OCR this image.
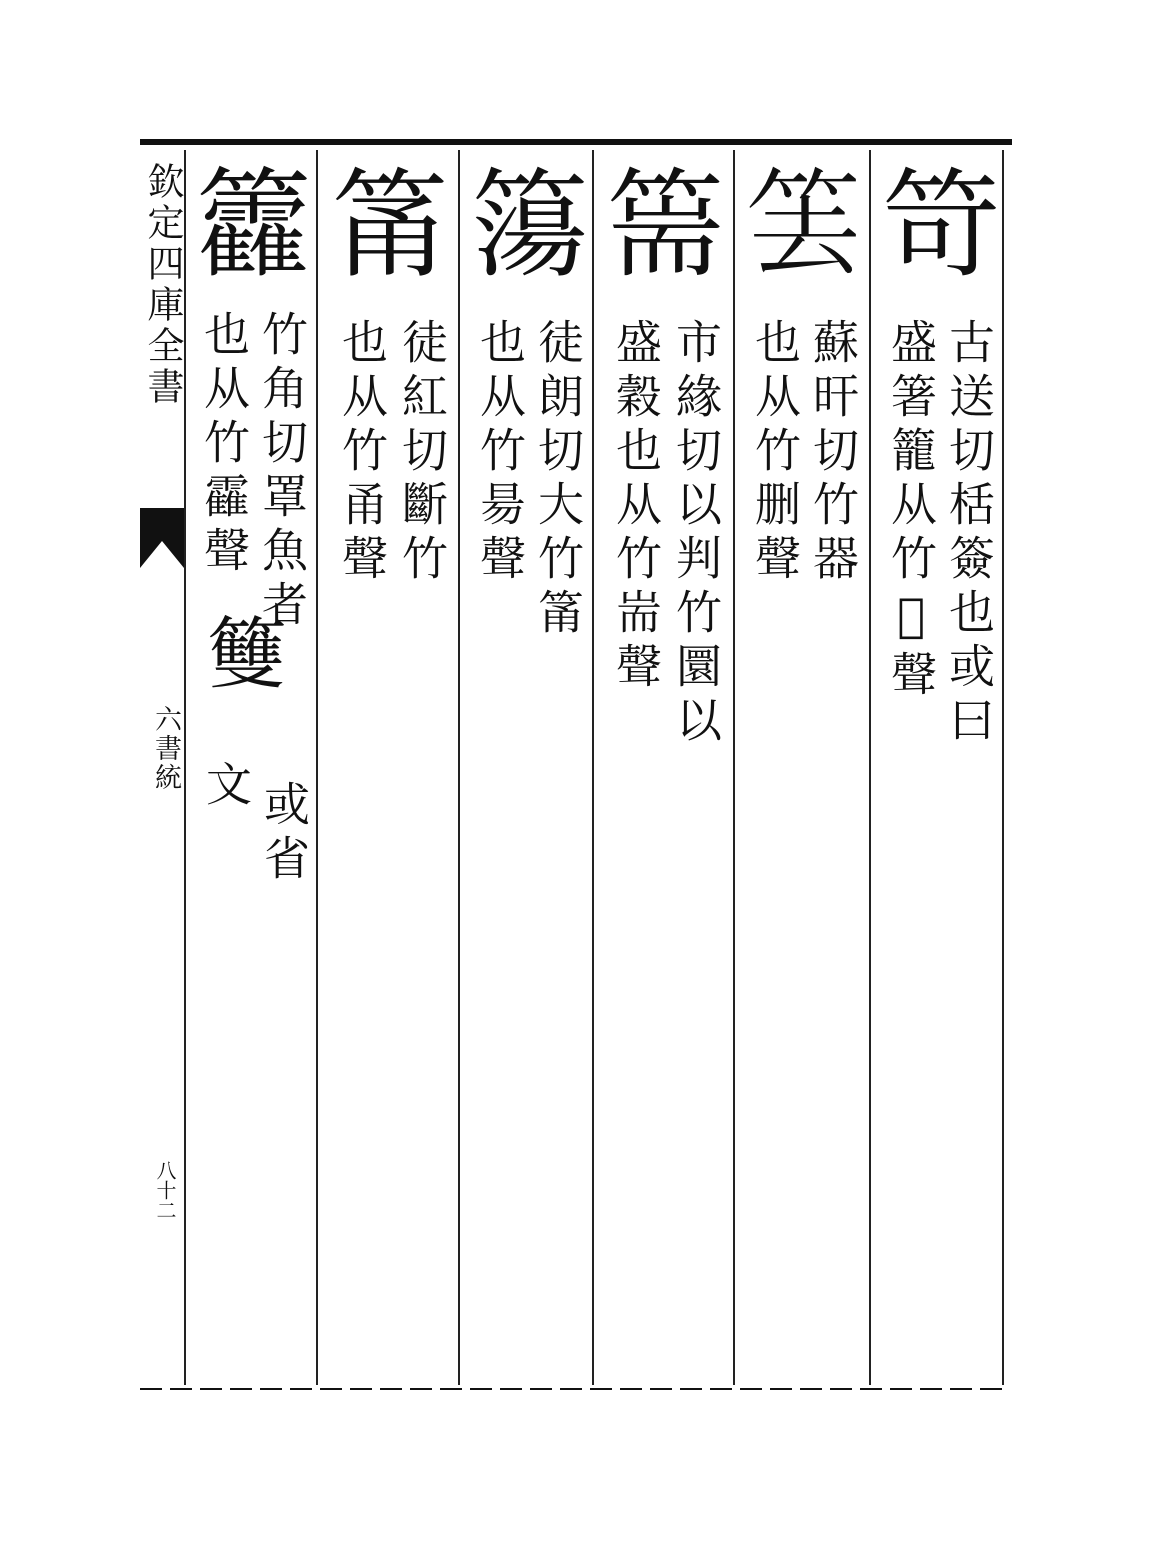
欽定四庫全書
六書統
八十二
笴
古送切栝簽也或曰
盛箸籠从竹𠂻聲
𥬔
蘇旰切竹器
也从竹删聲
篅
市緣切以判竹圜以
盛穀也从竹耑聲
簜
徒朗切大竹筩
也从竹昜聲
筩
徒紅切斷竹
也从竹甬聲
籱
竹角切罩魚者
也从竹靃聲
䉶
或省
文
